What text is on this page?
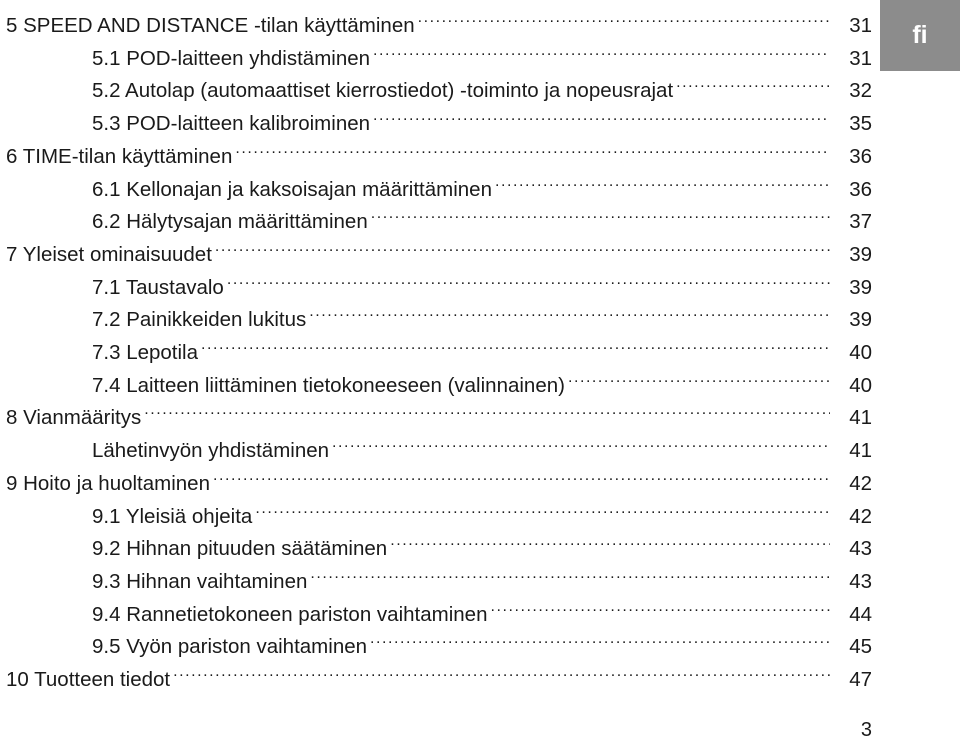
5 SPEED AND DISTANCE -tilan käyttäminen .....	31
5.1 POD-laitteen yhdistäminen .....	31
5.2 Autolap (automaattiset kierrostiedot) -toiminto ja nopeusrajat .....	32
5.3 POD-laitteen kalibroiminen .....	35
6 TIME-tilan käyttäminen .....	36
6.1 Kellonajan ja kaksoisajan määrittäminen .....	36
6.2 Hälytysajan määrittäminen .....	37
7 Yleiset ominaisuudet .....	39
7.1 Taustavalo .....	39
7.2 Painikkeiden lukitus .....	39
7.3 Lepotila .....	40
7.4 Laitteen liittäminen tietokoneeseen (valinnainen) .....	40
8 Vianmääritys .....	41
Lähetinvyön yhdistäminen .....	41
9 Hoito ja huoltaminen .....	42
9.1 Yleisiä ohjeita .....	42
9.2 Hihnan pituuden säätäminen .....	43
9.3 Hihnan vaihtaminen .....	43
9.4 Rannetietokoneen pariston vaihtaminen .....	44
9.5 Vyön pariston vaihtaminen .....	45
10 Tuotteen tiedot .....	47
fi
3
